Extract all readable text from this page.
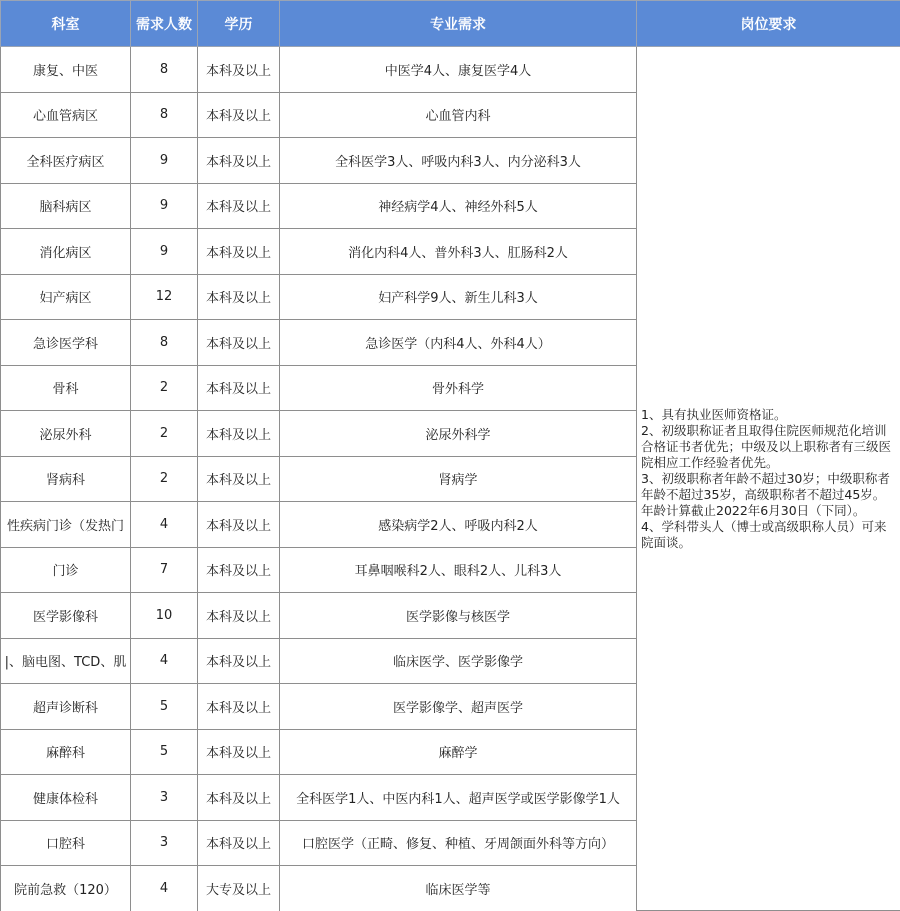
科室	需求人数	学历	专业需求	岗位要求
康复、中医	8	本科及以上	中医学4人、康复医学4人	1、具有执业医师资格证。
2、初级职称证者且取得住院医师规范化培训合格证书者优先；中级及以上职称者有三级医院相应工作经验者优先。
3、初级职称者年龄不超过30岁；中级职称者年龄不超过35岁，高级职称者不超过45岁。年龄计算截止2022年6月30日（下同）。
4、学科带头人（博士或高级职称人员）可来院面谈。

心血管病区	8	本科及以上	心血管内科	
全科医疗病区	9	本科及以上	全科医学3人、呼吸内科3人、内分泌科3人	
脑科病区	9	本科及以上	神经病学4人、神经外科5人	
消化病区	9	本科及以上	消化内科4人、普外科3人、肛肠科2人	
妇产病区	12	本科及以上	妇产科学9人、新生儿科3人	
急诊医学科	8	本科及以上	急诊医学（内科4人、外科4人）	
骨科	2	本科及以上	骨外科学	
泌尿外科	2	本科及以上	泌尿外科学	
肾病科	2	本科及以上	肾病学	
性疾病门诊（发热门	4	本科及以上	感染病学2人、呼吸内科2人	
门诊	7	本科及以上	耳鼻咽喉科2人、眼科2人、儿科3人	
医学影像科	10	本科及以上	医学影像与核医学	
|、脑电图、TCD、肌	4	本科及以上	临床医学、医学影像学	
超声诊断科	5	本科及以上	医学影像学、超声医学	
麻醉科	5	本科及以上	麻醉学	
健康体检科	3	本科及以上	全科医学1人、中医内科1人、超声医学或医学影像学1人	
口腔科	3	本科及以上	口腔医学（正畸、修复、种植、牙周颌面外科等方向）	
院前急救（120）	4	大专及以上	临床医学等	
